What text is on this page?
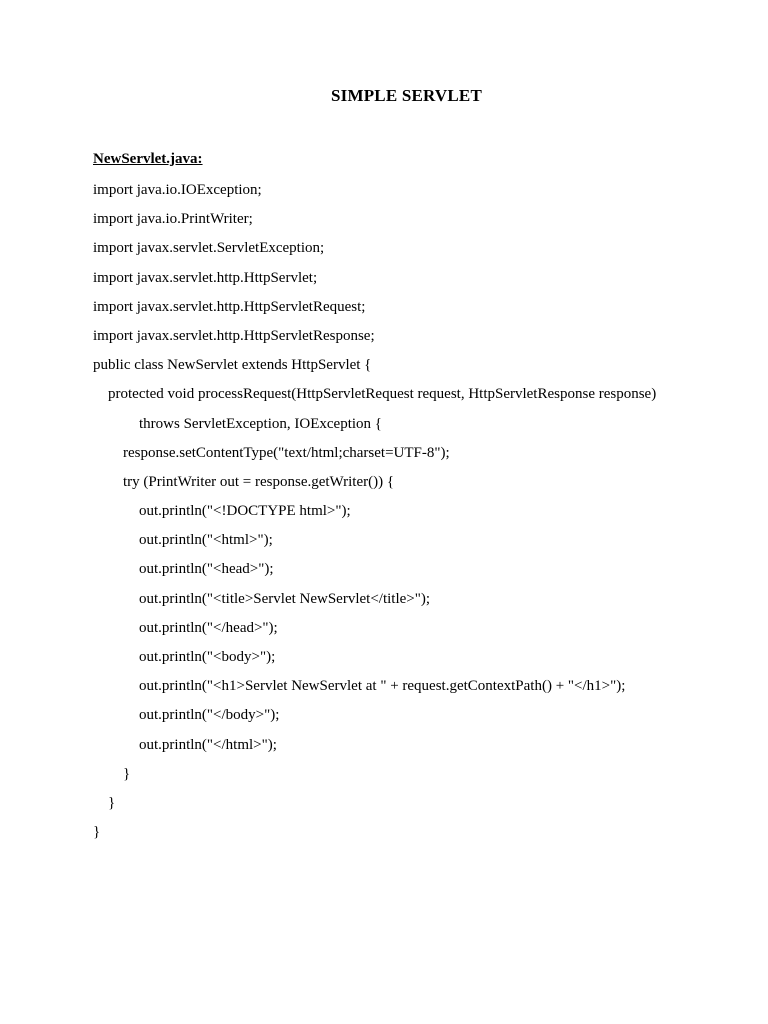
SIMPLE SERVLET
NewServlet.java:
import java.io.IOException;
import java.io.PrintWriter;
import javax.servlet.ServletException;
import javax.servlet.http.HttpServlet;
import javax.servlet.http.HttpServletRequest;
import javax.servlet.http.HttpServletResponse;
public class NewServlet extends HttpServlet {
protected void processRequest(HttpServletRequest request, HttpServletResponse response)
throws ServletException, IOException {
response.setContentType("text/html;charset=UTF-8");
try (PrintWriter out = response.getWriter()) {
out.println("<!DOCTYPE html>");
out.println("<html>");
out.println("<head>");
out.println("<title>Servlet NewServlet</title>");
out.println("</head>");
out.println("<body>");
out.println("<h1>Servlet NewServlet at " + request.getContextPath() + "</h1>");
out.println("</body>");
out.println("</html>");
}
}
}
